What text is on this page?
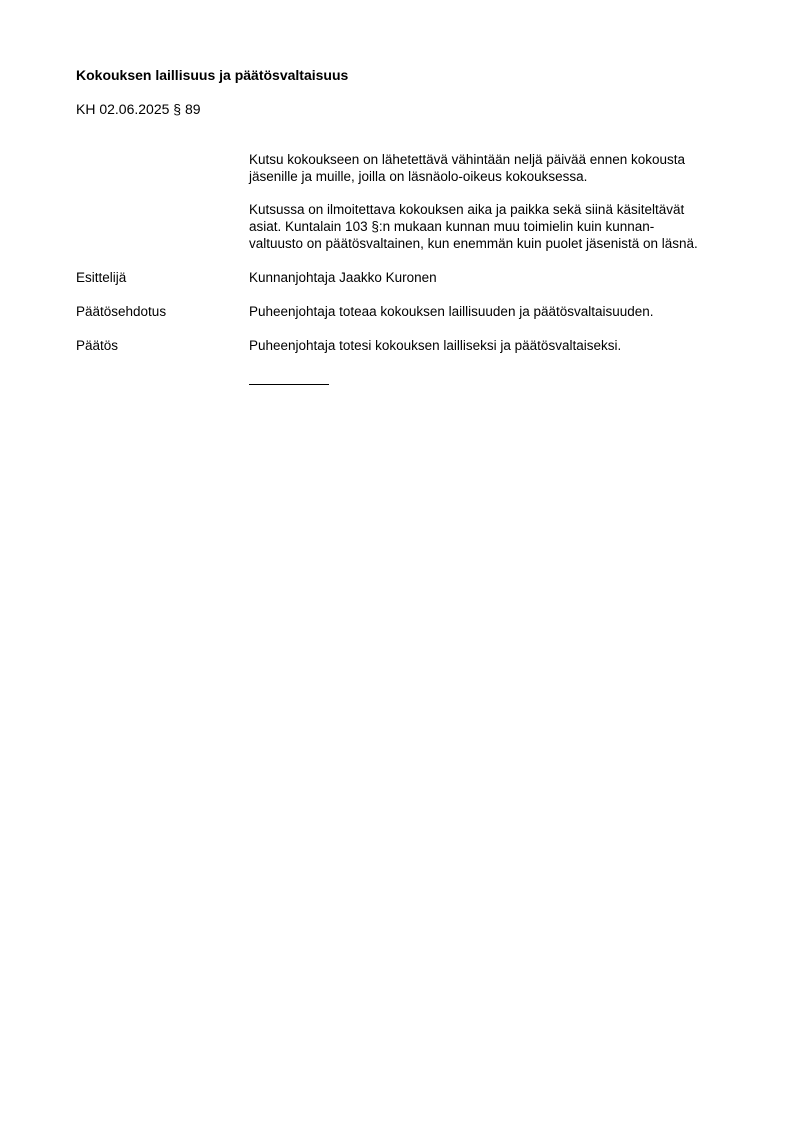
Kokouksen laillisuus ja päätösvaltaisuus
KH 02.06.2025 § 89

Kutsu kokoukseen on lähetettävä vähintään neljä päivää ennen kokousta

jäsenille ja muille, joilla on läsnäolo-oikeus kokouksessa.

Kutsussa on ilmoitettava kokouksen aika ja paikka sekä siinä käsiteltävät

asiat. Kuntalain 103 §:n mukaan kunnan muu toimielin kuin kunnan-

valtuusto on päätösvaltainen, kun enemmän kuin puolet jäsenistä on läsnä.

Esittelijä	Kunnanjohtaja Jaakko Kuronen
Päätösehdotus	Puheenjohtaja toteaa kokouksen laillisuuden ja päätösvaltaisuuden.
Päätös	Puheenjohtaja totesi kokouksen lailliseksi ja päätösvaltaiseksi.
